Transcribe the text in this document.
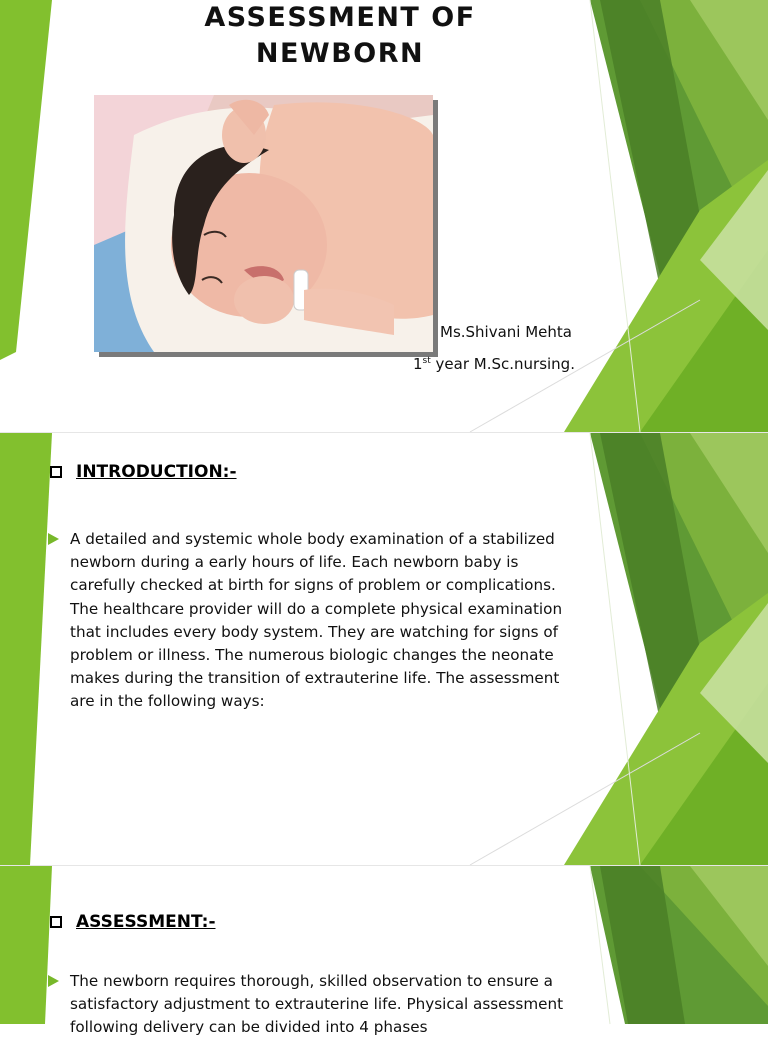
ASSESSMENT OF
NEWBORN
Ms.Shivani Mehta
1st year M.Sc.nursing.
INTRODUCTION:-
A detailed and systemic whole body examination of a stabilized newborn during a early hours of life. Each newborn baby is carefully checked at birth for signs of problem or complications. The healthcare provider will do a complete physical examination that includes every body system. They are watching for signs of problem or illness. The numerous biologic changes the neonate makes during the transition of extrauterine life. The assessment are in the following ways:
ASSESSMENT:-
The newborn requires thorough, skilled observation to ensure a satisfactory adjustment to extrauterine life. Physical assessment following delivery can be divided into 4 phases
